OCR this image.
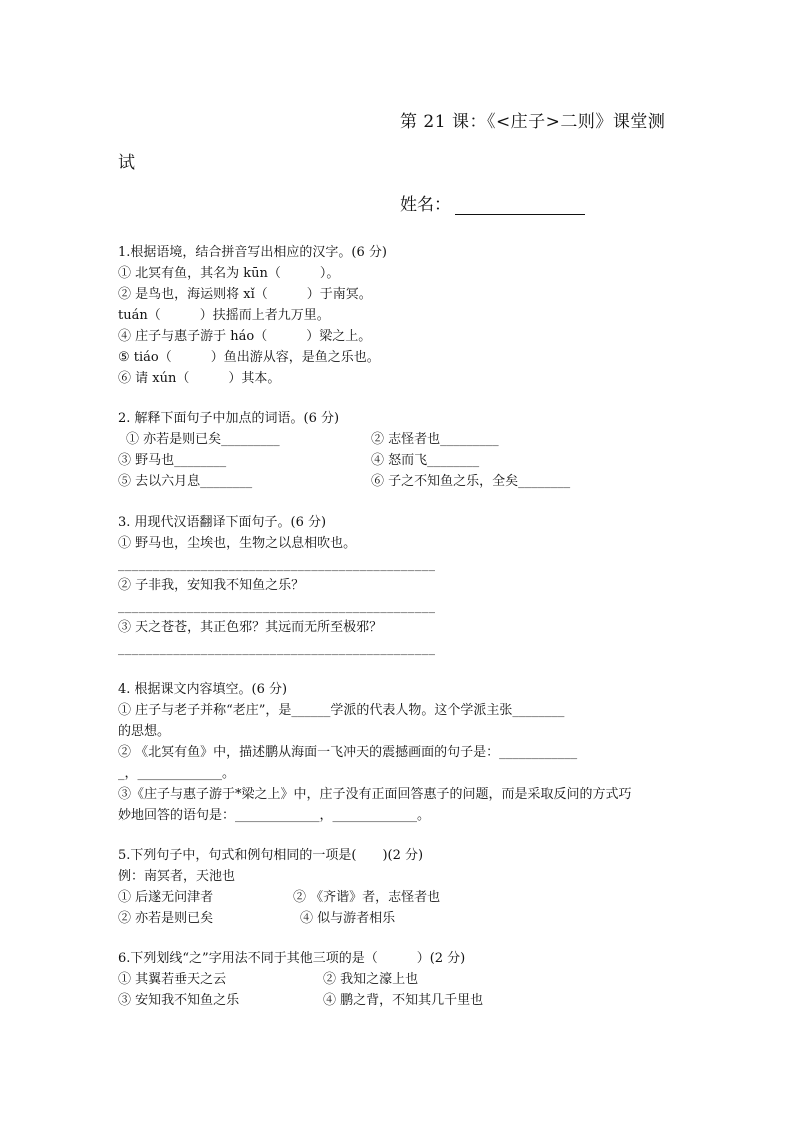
第 21 课：《<庄子>二则》课堂测
试
姓名：
1.根据语境，结合拼音写出相应的汉字。(6 分)
① 北冥有鱼，其名为 kūn（　　　）。
② 是鸟也，海运则将 xǐ（　　　）于南冥。
tuán（　　　）扶摇而上者九万里。
④ 庄子与惠子游于 háo（　　　）梁之上。
⑤ tiáo（　　　）鱼出游从容，是鱼之乐也。
⑥ 请 xún（　　　）其本。
2. 解释下面句子中加点的词语。(6 分)
① 亦若是则已矣_________	② 志怪者也_________
③ 野马也________	④ 怒而飞________
⑤ 去以六月息________	⑥ 子之不知鱼之乐，全矣________
3. 用现代汉语翻译下面句子。(6 分)
① 野马也，尘埃也，生物之以息相吹也。
______________________________________________
② 子非我，安知我不知鱼之乐？
______________________________________________
③ 天之苍苍，其正色邪？其远而无所至极邪？
______________________________________________
4. 根据课文内容填空。(6 分)
① 庄子与老子并称“老庄”，是______学派的代表人物。这个学派主张________
的思想。
② 《北冥有鱼》中，描述鹏从海面一飞冲天的震撼画面的句子是：____________
_，_____________。
③《庄子与惠子游于*梁之上》中，庄子没有正面回答惠子的问题，而是采取反问的方式巧
妙地回答的语句是：_____________，_____________。
5.下列句子中，句式和例句相同的一项是(　　)(2 分)
例：南冥者，天池也
① 后遂无问津者	② 《齐谐》者，志怪者也
② 亦若是则已矣	④ 似与游者相乐
6.下列划线“之”字用法不同于其他三项的是（　　　）(2 分)
① 其翼若垂天之云	② 我知之濠上也
③ 安知我不知鱼之乐	④ 鹏之背，不知其几千里也
